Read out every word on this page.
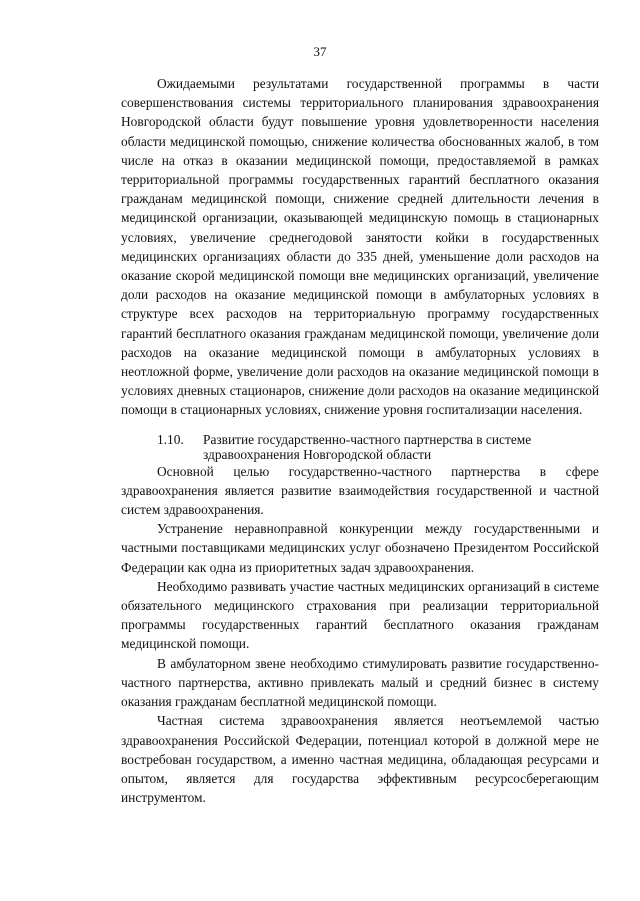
37

Ожидаемыми результатами государственной программы в части совершенствования системы территориального планирования здравоохранения Новгородской области будут повышение уровня удовлетворенности населения области медицинской помощью, снижение количества обоснованных жалоб, в том числе на отказ в оказании медицинской помощи, предоставляемой в рамках территориальной программы государственных гарантий бесплатного оказания гражданам медицинской помощи, снижение средней длительности лечения в медицинской организации, оказывающей медицинскую помощь в стационарных условиях, увеличение среднегодовой занятости койки в государственных медицинских организациях области до 335 дней, уменьшение доли расходов на оказание скорой медицинской помощи вне медицинских организаций, увеличение доли расходов на оказание медицинской помощи в амбулаторных условиях в структуре всех расходов на территориальную программу государственных гарантий бесплатного оказания гражданам медицинской помощи, увеличение доли расходов на оказание медицинской помощи в амбулаторных условиях в неотложной форме, увеличение доли расходов на оказание медицинской помощи в условиях дневных стационаров, снижение доли расходов на оказание медицинской помощи в стационарных условиях, снижение уровня госпитализации населения.

1.10. Развитие государственно-частного партнерства в системе
здравоохранения Новгородской области

Основной целью государственно-частного партнерства в сфере здравоохранения является развитие взаимодействия государственной и частной систем здравоохранения.

Устранение неравноправной конкуренции между государственными и частными поставщиками медицинских услуг обозначено Президентом Российской Федерации как одна из приоритетных задач здравоохранения.

Необходимо развивать участие частных медицинских организаций в системе обязательного медицинского страхования при реализации территориальной программы государственных гарантий бесплатного оказания гражданам медицинской помощи.

В амбулаторном звене необходимо стимулировать развитие государственно-частного партнерства, активно привлекать малый и средний бизнес в систему оказания гражданам бесплатной медицинской помощи.

Частная система здравоохранения является неотъемлемой частью здравоохранения Российской Федерации, потенциал которой в должной мере не востребован государством, а именно частная медицина, обладающая ресурсами и опытом, является для государства эффективным ресурсосберегающим инструментом.
